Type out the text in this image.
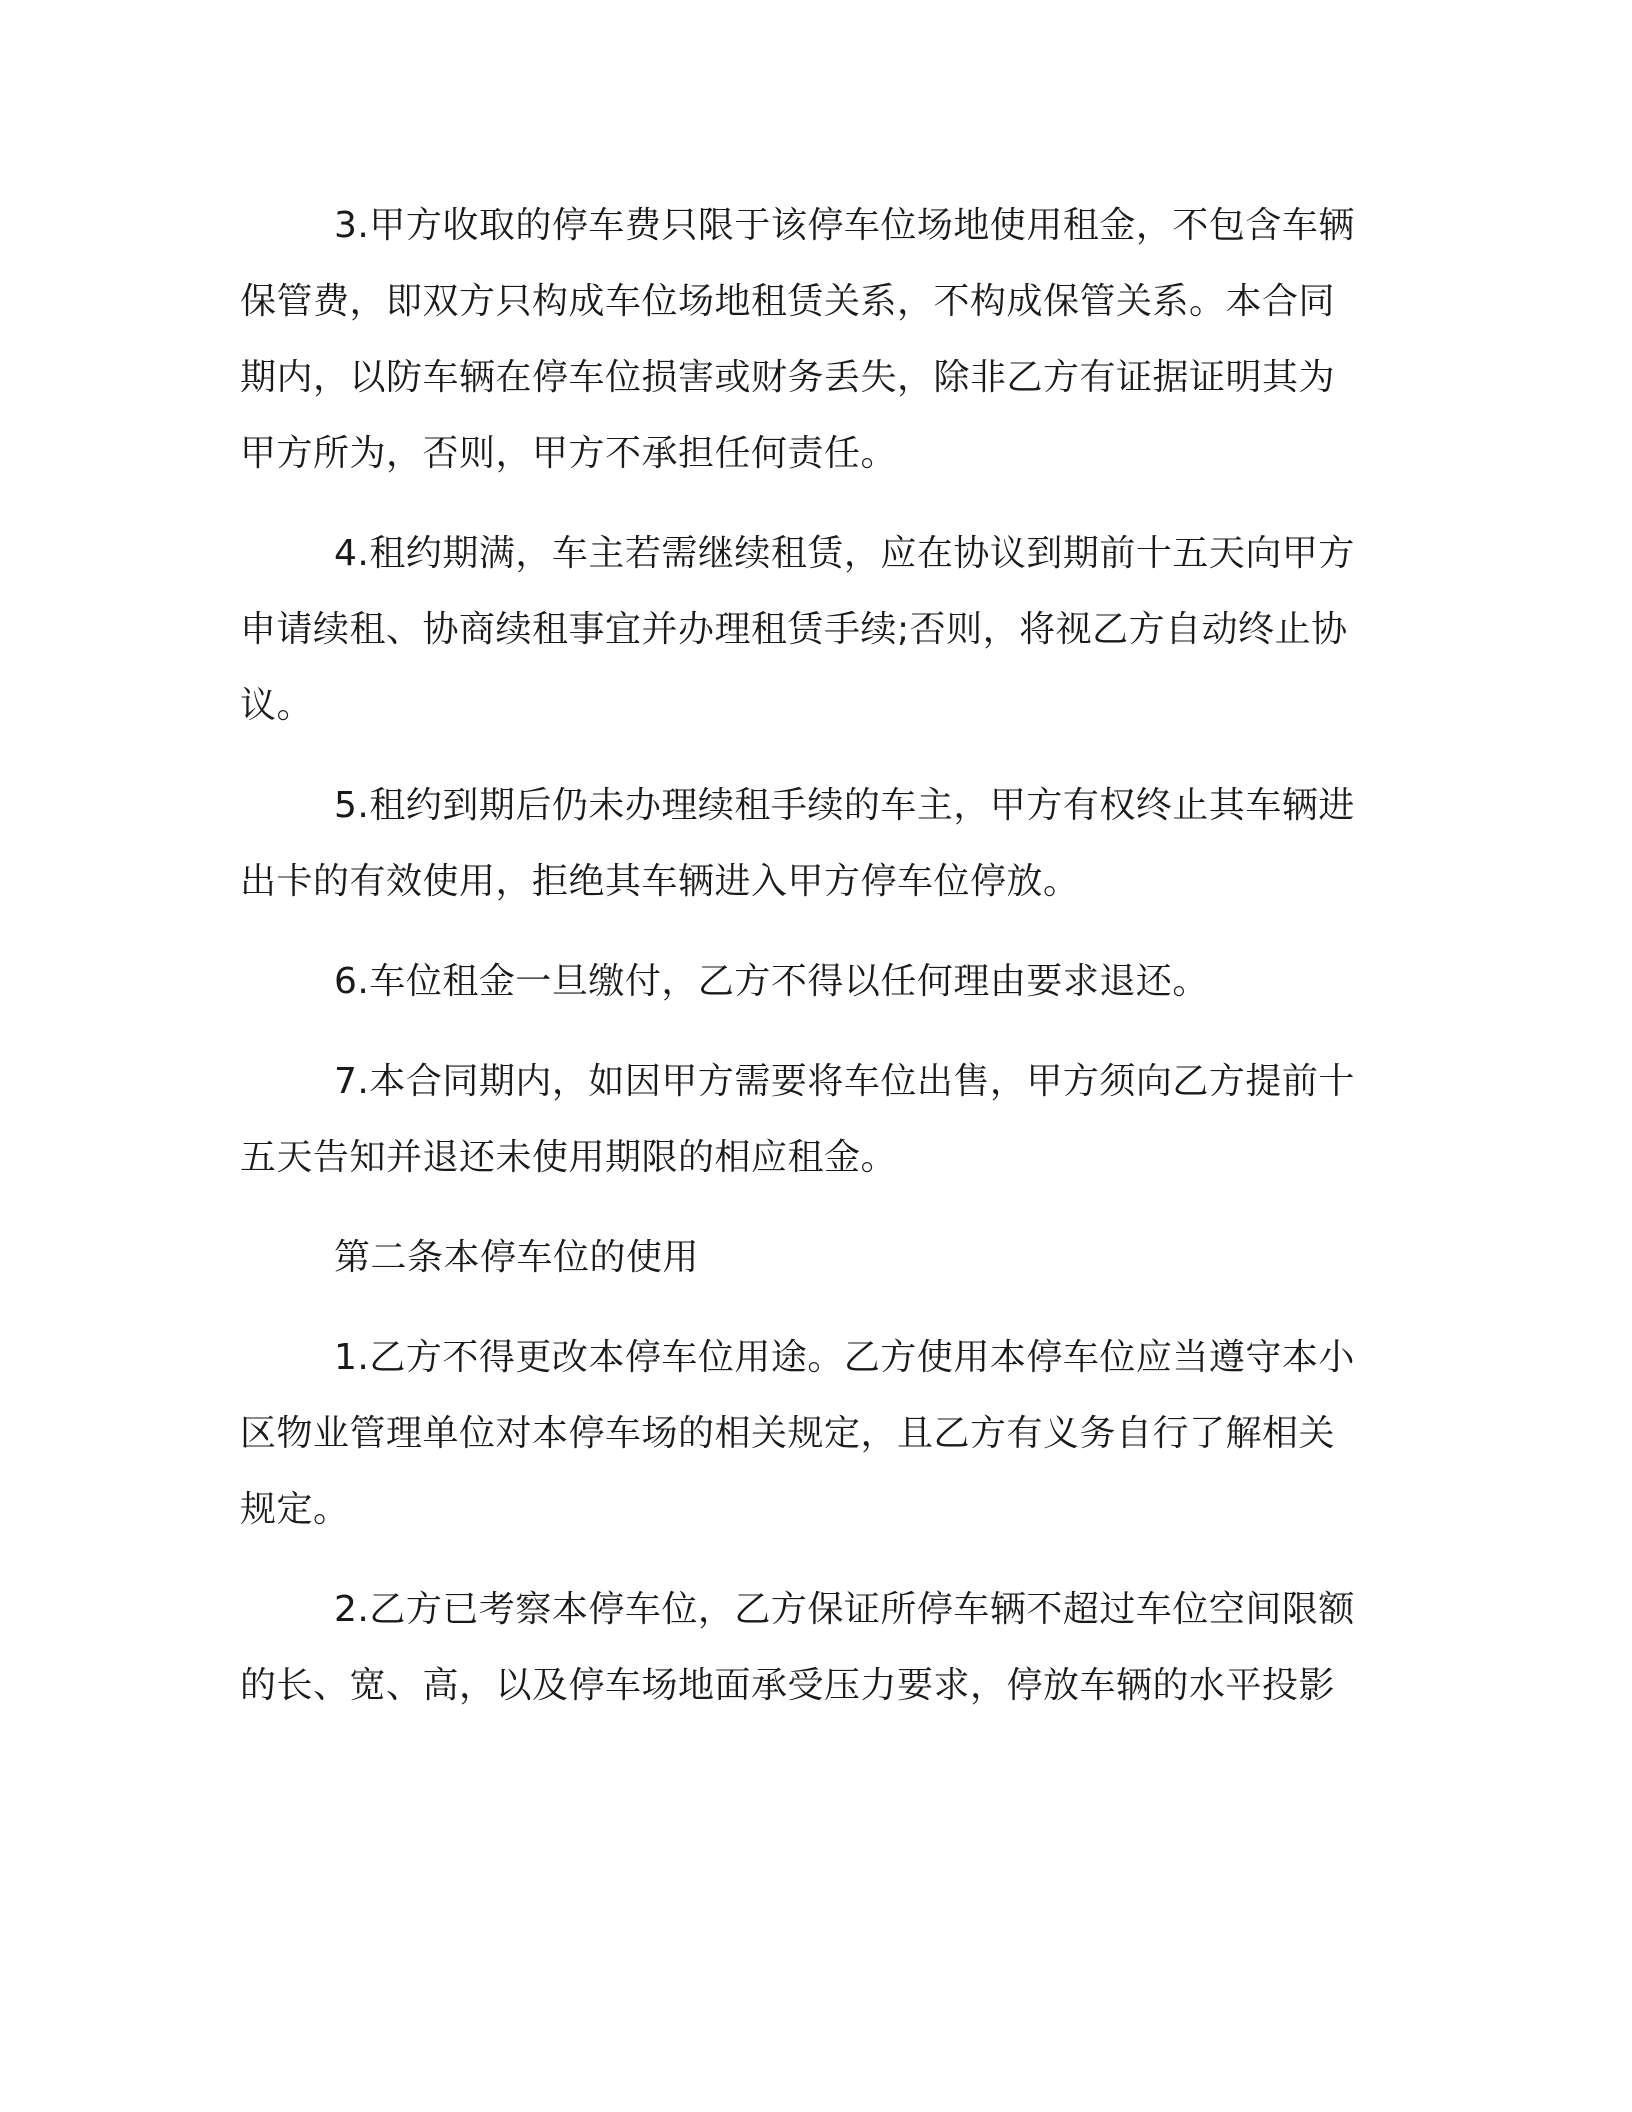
3.甲方收取的停车费只限于该停车位场地使用租金，不包含车辆保管费，即双方只构成车位场地租赁关系，不构成保管关系。本合同期内，以防车辆在停车位损害或财务丢失，除非乙方有证据证明其为甲方所为，否则，甲方不承担任何责任。

4.租约期满，车主若需继续租赁，应在协议到期前十五天向甲方申请续租、协商续租事宜并办理租赁手续;否则，将视乙方自动终止协议。

5.租约到期后仍未办理续租手续的车主，甲方有权终止其车辆进出卡的有效使用，拒绝其车辆进入甲方停车位停放。

6.车位租金一旦缴付，乙方不得以任何理由要求退还。

7.本合同期内，如因甲方需要将车位出售，甲方须向乙方提前十五天告知并退还未使用期限的相应租金。

第二条本停车位的使用

1.乙方不得更改本停车位用途。乙方使用本停车位应当遵守本小区物业管理单位对本停车场的相关规定，且乙方有义务自行了解相关规定。

2.乙方已考察本停车位，乙方保证所停车辆不超过车位空间限额的长、宽、高，以及停车场地面承受压力要求，停放车辆的水平投影
